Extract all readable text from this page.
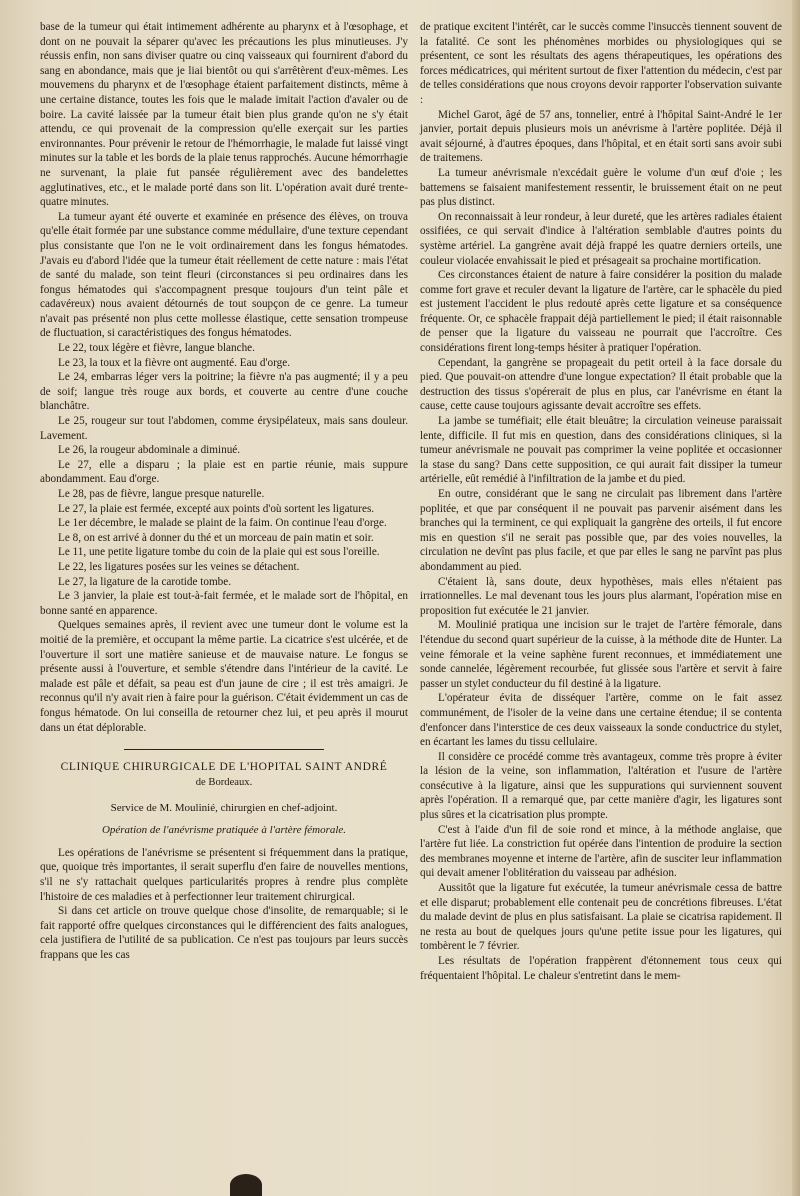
base de la tumeur qui était intimement adhérente au pharynx et à l'œsophage, et dont on ne pouvait la séparer qu'avec les précautions les plus minutieuses. J'y réussis enfin, non sans diviser quatre ou cinq vaisseaux qui fournirent d'abord du sang en abondance, mais que je liai bientôt ou qui s'arrêtèrent d'eux-mêmes. Les mouvemens du pharynx et de l'œsophage étaient parfaitement distincts, même à une certaine distance, toutes les fois que le malade imitait l'action d'avaler ou de boire. La cavité laissée par la tumeur était bien plus grande qu'on ne s'y était attendu, ce qui provenait de la compression qu'elle exerçait sur les parties environnantes. Pour prévenir le retour de l'hémorrhagie, le malade fut laissé vingt minutes sur la table et les bords de la plaie tenus rapprochés. Aucune hémorrhagie ne survenant, la plaie fut pansée régulièrement avec des bandelettes agglutinatives, etc., et le malade porté dans son lit. L'opération avait duré trente-quatre minutes.

La tumeur ayant été ouverte et examinée en présence des élèves, on trouva qu'elle était formée par une substance comme médullaire, d'une texture cependant plus consistante que l'on ne le voit ordinairement dans les fongus hématodes. J'avais eu d'abord l'idée que la tumeur était réellement de cette nature : mais l'état de santé du malade, son teint fleuri (circonstances si peu ordinaires dans les fongus hématodes qui s'accompagnent presque toujours d'un teint pâle et cadavéreux) nous avaient détournés de tout soupçon de ce genre. La tumeur n'avait pas présenté non plus cette mollesse élastique, cette sensation trompeuse de fluctuation, si caractéristiques des fongus hématodes.

Le 22, toux légère et fièvre, langue blanche.

Le 23, la toux et la fièvre ont augmenté. Eau d'orge.

Le 24, embarras léger vers la poitrine; la fièvre n'a pas augmenté; il y a peu de soif; langue très rouge aux bords, et couverte au centre d'une couche blanchâtre.

Le 25, rougeur sur tout l'abdomen, comme érysipélateux, mais sans douleur. Lavement.

Le 26, la rougeur abdominale a diminué.

Le 27, elle a disparu ; la plaie est en partie réunie, mais suppure abondamment. Eau d'orge.

Le 28, pas de fièvre, langue presque naturelle.

Le 27, la plaie est fermée, excepté aux points d'où sortent les ligatures.

Le 1er décembre, le malade se plaint de la faim. On continue l'eau d'orge.

Le 8, on est arrivé à donner du thé et un morceau de pain matin et soir.

Le 11, une petite ligature tombe du coin de la plaie qui est sous l'oreille.

Le 22, les ligatures posées sur les veines se détachent.

Le 27, la ligature de la carotide tombe.

Le 3 janvier, la plaie est tout-à-fait fermée, et le malade sort de l'hôpital, en bonne santé en apparence.

Quelques semaines après, il revient avec une tumeur dont le volume est la moitié de la première, et occupant la même partie. La cicatrice s'est ulcérée, et de l'ouverture il sort une matière sanieuse et de mauvaise nature. Le fongus se présente aussi à l'ouverture, et semble s'étendre dans l'intérieur de la cavité. Le malade est pâle et défait, sa peau est d'un jaune de cire ; il est très amaigri. Je reconnus qu'il n'y avait rien à faire pour la guérison. C'était évidemment un cas de fongus hématode. On lui conseilla de retourner chez lui, et peu après il mourut dans un état déplorable.

CLINIQUE CHIRURGICALE DE L'HOPITAL SAINT ANDRÉ

de Bordeaux.

Service de M. Moulinié, chirurgien en chef-adjoint.

Opération de l'anévrisme pratiquée à l'artère fémorale.

Les opérations de l'anévrisme se présentent si fréquemment dans la pratique, que, quoique très importantes, il serait superflu d'en faire de nouvelles mentions, s'il ne s'y rattachait quelques particularités propres à rendre plus complète l'histoire de ces maladies et à perfectionner leur traitement chirurgical.

Si dans cet article on trouve quelque chose d'insolite, de remarquable; si le fait rapporté offre quelques circonstances qui le différencient des faits analogues, cela justifiera de l'utilité de sa publication. Ce n'est pas toujours par leurs succès frappans que les cas

de pratique excitent l'intérêt, car le succès comme l'insuccès tiennent souvent de la fatalité. Ce sont les phénomènes morbides ou physiologiques qui se présentent, ce sont les résultats des agens thérapeutiques, les opérations des forces médicatrices, qui méritent surtout de fixer l'attention du médecin, c'est par de telles considérations que nous croyons devoir rapporter l'observation suivante :

Michel Garot, âgé de 57 ans, tonnelier, entré à l'hôpital Saint-André le 1er janvier, portait depuis plusieurs mois un anévrisme à l'artère poplitée. Déjà il avait séjourné, à d'autres époques, dans l'hôpital, et en était sorti sans avoir subi de traitemens.

La tumeur anévrismale n'excédait guère le volume d'un œuf d'oie ; les battemens se faisaient manifestement ressentir, le bruissement était on ne peut pas plus distinct.

On reconnaissait à leur rondeur, à leur dureté, que les artères radiales étaient ossifiées, ce qui servait d'indice à l'altération semblable d'autres points du système artériel. La gangrène avait déjà frappé les quatre derniers orteils, une couleur violacée envahissait le pied et présageait sa prochaine mortification.

Ces circonstances étaient de nature à faire considérer la position du malade comme fort grave et reculer devant la ligature de l'artère, car le sphacèle du pied est justement l'accident le plus redouté après cette ligature et sa conséquence fréquente. Or, ce sphacèle frappait déjà partiellement le pied; il était raisonnable de penser que la ligature du vaisseau ne pourrait que l'accroître. Ces considérations firent long-temps hésiter à pratiquer l'opération.

Cependant, la gangrène se propageait du petit orteil à la face dorsale du pied. Que pouvait-on attendre d'une longue expectation? Il était probable que la destruction des tissus s'opérerait de plus en plus, car l'anévrisme en étant la cause, cette cause toujours agissante devait accroître ses effets.

La jambe se tuméfiait; elle était bleuâtre; la circulation veineuse paraissait lente, difficile. Il fut mis en question, dans des considérations cliniques, si la tumeur anévrismale ne pouvait pas comprimer la veine poplitée et occasionner la stase du sang? Dans cette supposition, ce qui aurait fait dissiper la tumeur artérielle, eût remédié à l'infiltration de la jambe et du pied.

En outre, considérant que le sang ne circulait pas librement dans l'artère poplitée, et que par conséquent il ne pouvait pas parvenir aisément dans les branches qui la terminent, ce qui expliquait la gangrène des orteils, il fut encore mis en question s'il ne serait pas possible que, par des voies nouvelles, la circulation ne devînt pas plus facile, et que par elles le sang ne parvînt pas plus abondamment au pied.

C'étaient là, sans doute, deux hypothèses, mais elles n'étaient pas irrationnelles. Le mal devenant tous les jours plus alarmant, l'opération mise en proposition fut exécutée le 21 janvier.

M. Moulinié pratiqua une incision sur le trajet de l'artère fémorale, dans l'étendue du second quart supérieur de la cuisse, à la méthode dite de Hunter. La veine fémorale et la veine saphène furent reconnues, et immédiatement une sonde cannelée, légèrement recourbée, fut glissée sous l'artère et servit à faire passer un stylet conducteur du fil destiné à la ligature.

L'opérateur évita de disséquer l'artère, comme on le fait assez communément, de l'isoler de la veine dans une certaine étendue; il se contenta d'enfoncer dans l'interstice de ces deux vaisseaux la sonde conductrice du stylet, en écartant les lames du tissu cellulaire.

Il considère ce procédé comme très avantageux, comme très propre à éviter la lésion de la veine, son inflammation, l'altération et l'usure de l'artère consécutive à la ligature, ainsi que les suppurations qui surviennent souvent après l'opération. Il a remarqué que, par cette manière d'agir, les ligatures sont plus sûres et la cicatrisation plus prompte.

C'est à l'aide d'un fil de soie rond et mince, à la méthode anglaise, que l'artère fut liée. La constriction fut opérée dans l'intention de produire la section des membranes moyenne et interne de l'artère, afin de susciter leur inflammation qui devait amener l'oblitération du vaisseau par adhésion.

Aussitôt que la ligature fut exécutée, la tumeur anévrismale cessa de battre et elle disparut; probablement elle contenait peu de concrétions fibreuses. L'état du malade devint de plus en plus satisfaisant. La plaie se cicatrisa rapidement. Il ne resta au bout de quelques jours qu'une petite issue pour les ligatures, qui tombèrent le 7 février.

Les résultats de l'opération frappèrent d'étonnement tous ceux qui fréquentaient l'hôpital. Le chaleur s'entretint dans le mem-
